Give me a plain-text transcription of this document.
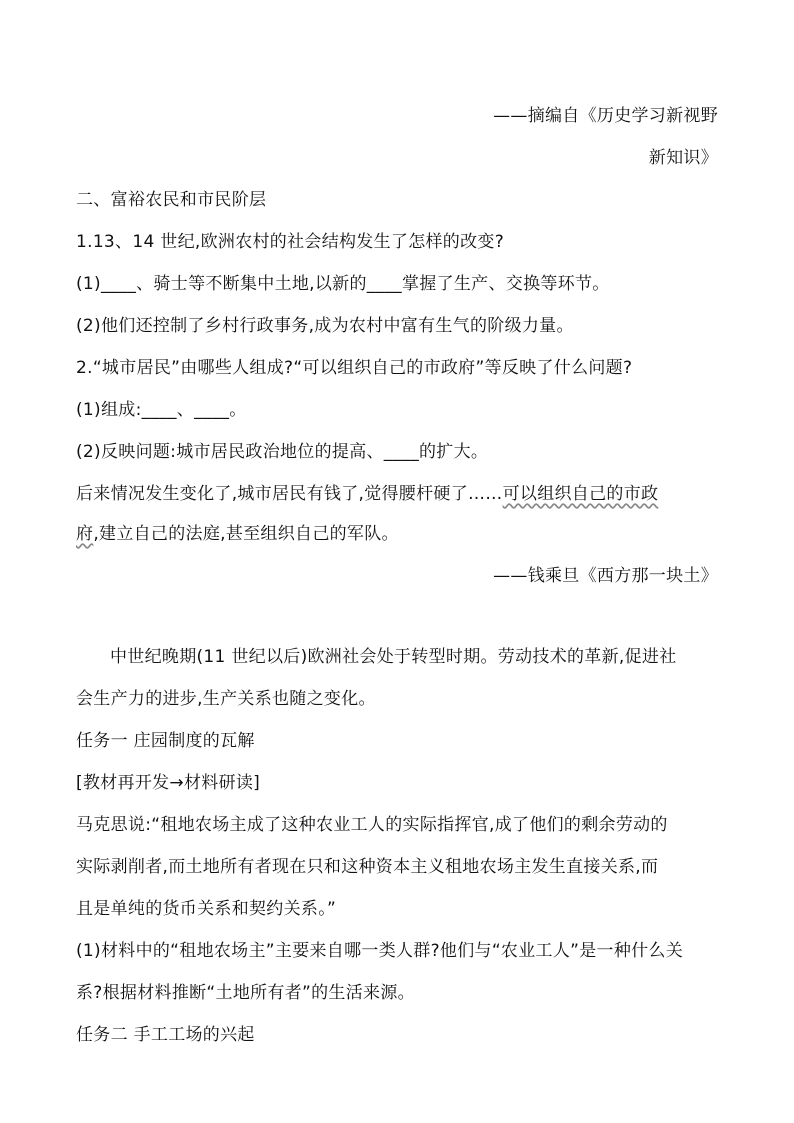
——摘编自《历史学习新视野
新知识》
二、富裕农民和市民阶层
1.13、14 世纪,欧洲农村的社会结构发生了怎样的改变?
(1)____、骑士等不断集中土地,以新的____掌握了生产、交换等环节。
(2)他们还控制了乡村行政事务,成为农村中富有生气的阶级力量。
2.“城市居民”由哪些人组成?“可以组织自己的市政府”等反映了什么问题?
(1)组成:____、____。
(2)反映问题:城市居民政治地位的提高、____的扩大。
后来情况发生变化了,城市居民有钱了,觉得腰杆硬了……可以组织自己的市政
府,建立自己的法庭,甚至组织自己的军队。
——钱乘旦《西方那一块土》
中世纪晚期(11 世纪以后)欧洲社会处于转型时期。劳动技术的革新,促进社
会生产力的进步,生产关系也随之变化。
任务一 庄园制度的瓦解
[教材再开发→材料研读]
马克思说:“租地农场主成了这种农业工人的实际指挥官,成了他们的剩余劳动的
实际剥削者,而土地所有者现在只和这种资本主义租地农场主发生直接关系,而
且是单纯的货币关系和契约关系。”
(1)材料中的“租地农场主”主要来自哪一类人群?他们与“农业工人”是一种什么关
系?根据材料推断“土地所有者”的生活来源。
任务二 手工工场的兴起
